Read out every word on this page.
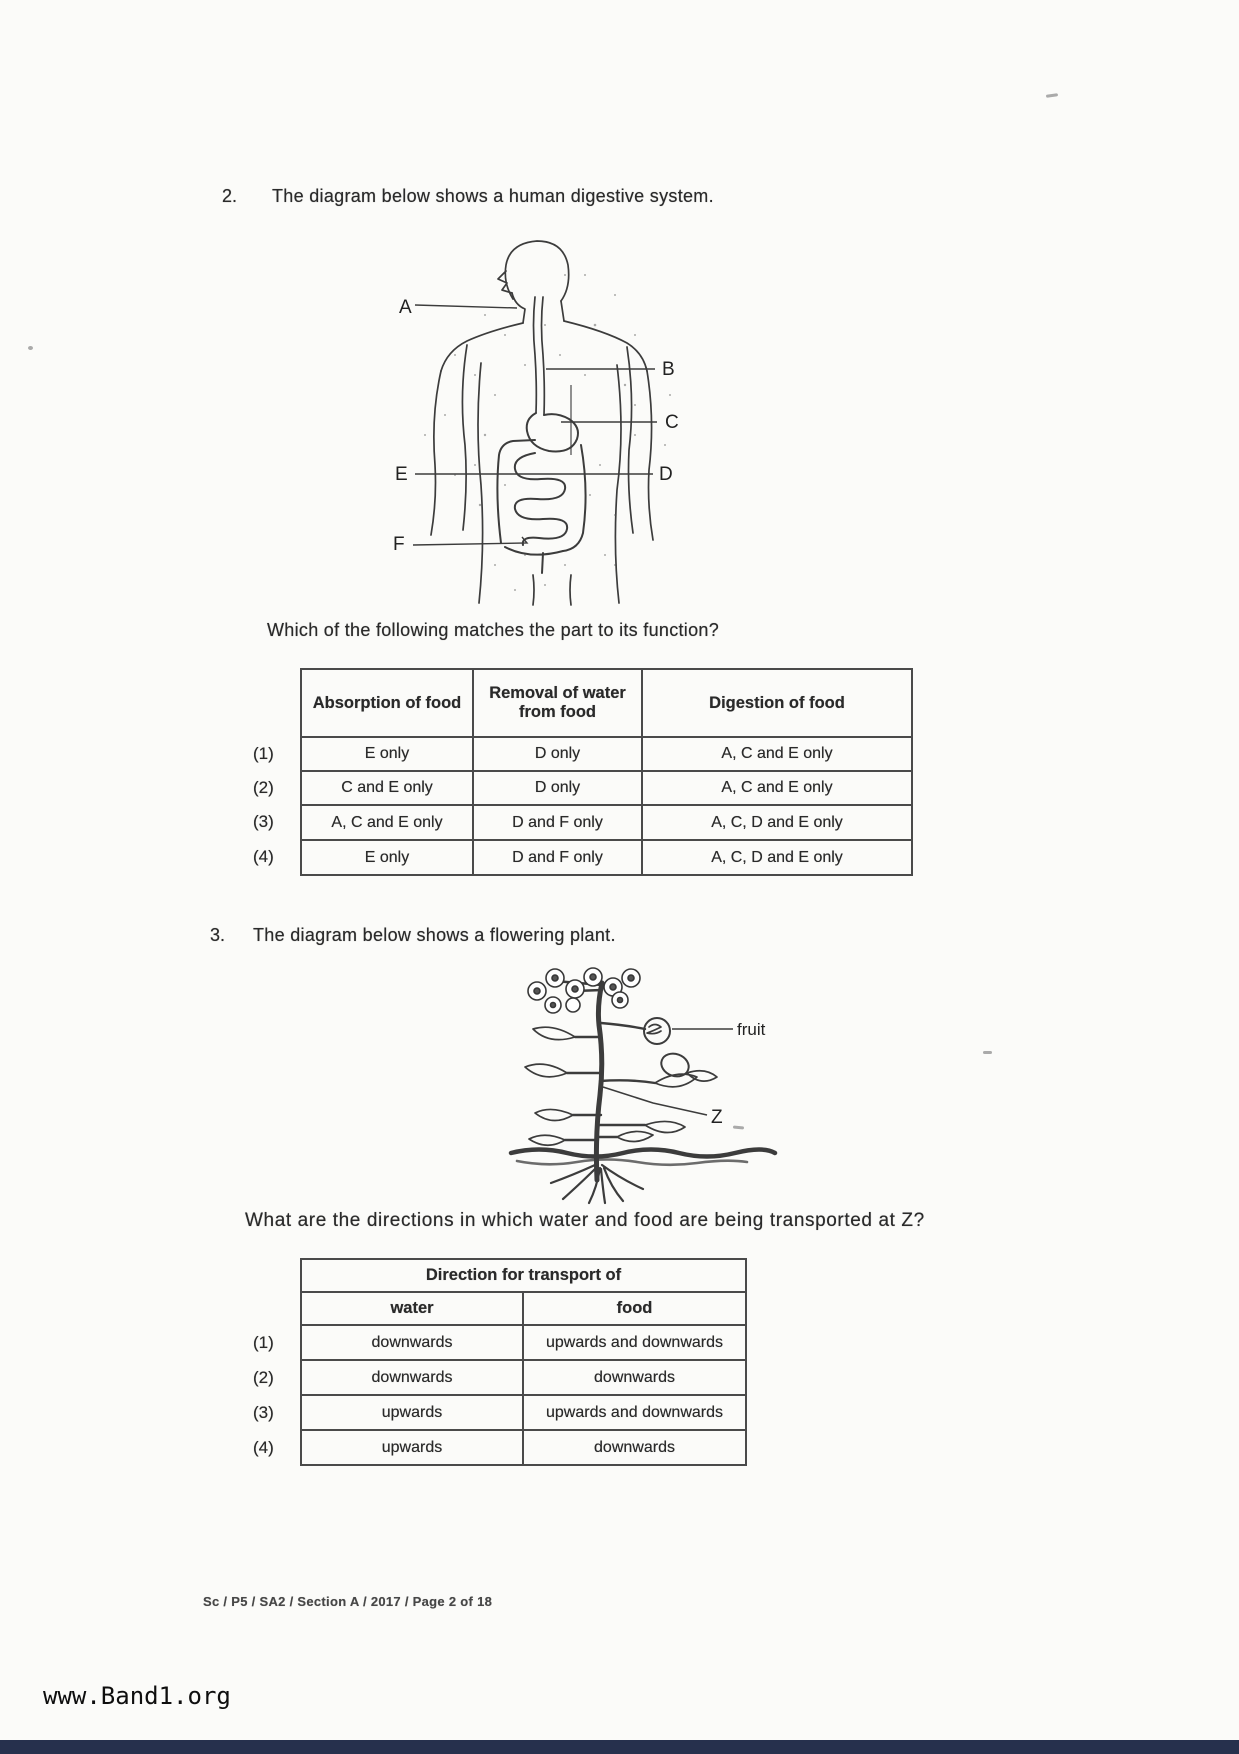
2. The diagram below shows a human digestive system.
A
B
C
D
E
F
Which of the following matches the part to its function?
(1)
(2)
(3)
(4)
Absorption of food	Removal of water from food	Digestion of food
E only	D only	A, C and E only
C and E only	D only	A, C and E only
A, C and E only	D and F only	A, C, D and E only
E only	D and F only	A, C, D and E only
3. The diagram below shows a flowering plant.
fruit
Z
What are the directions in which water and food are being transported at Z?
(1)
(2)
(3)
(4)
Direction for transport of	
water	food
downwards	upwards and downwards
downwards	downwards
upwards	upwards and downwards
upwards	downwards
Sc / P5 / SA2 / Section A / 2017 / Page 2 of 18
www.Band1.org
